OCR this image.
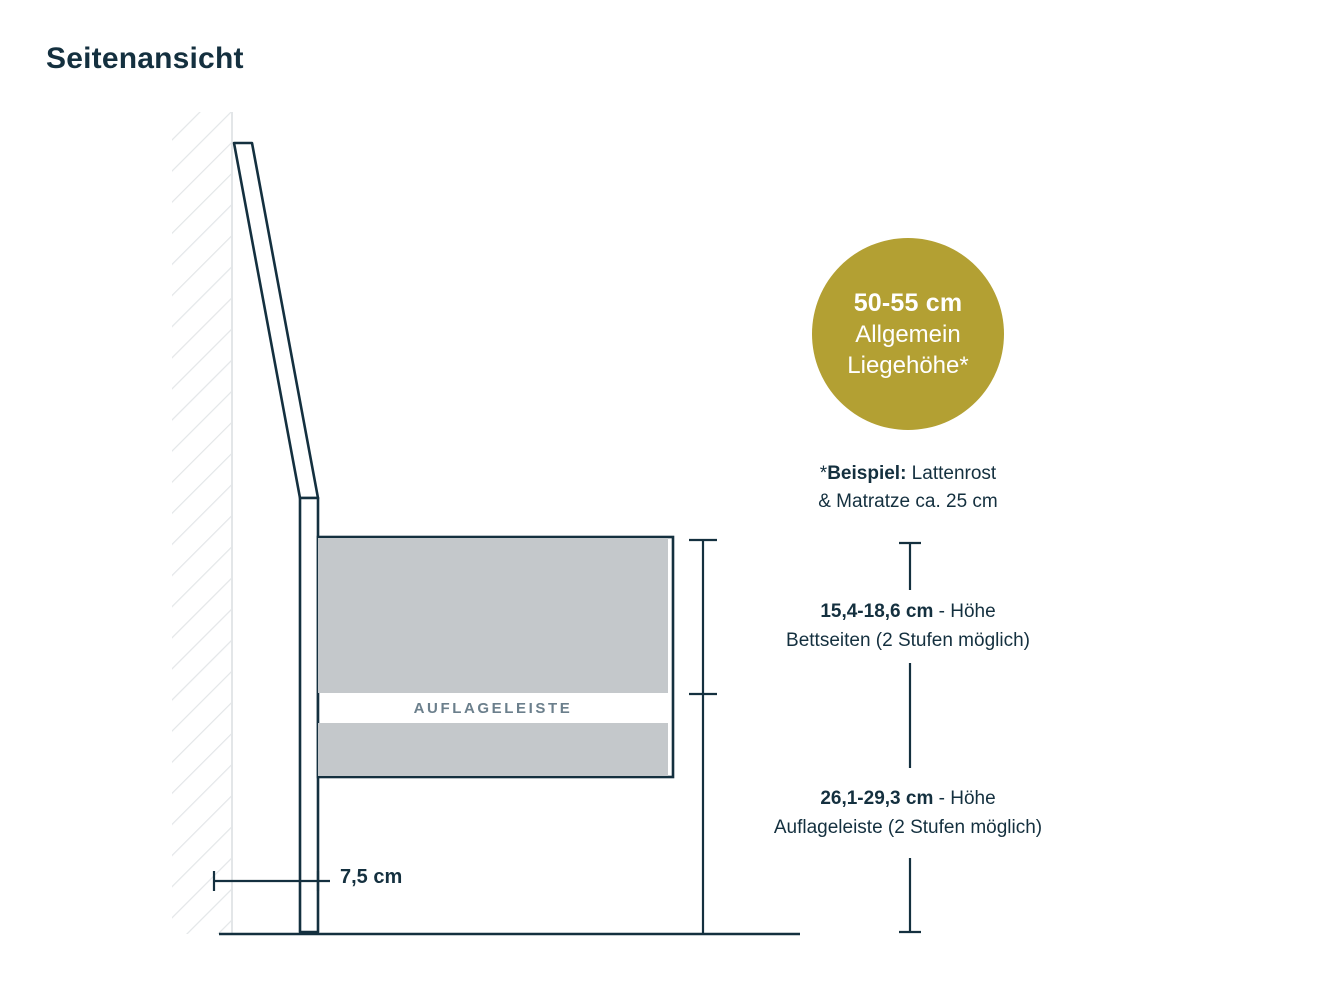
Seitenansicht
AUFLAGELEISTE
7,5 cm
50-55 cm
Allgemein
Liegehöhe*
*Beispiel: Lattenrost
& Matratze ca. 25 cm
15,4-18,6 cm - Höhe
Bettseiten (2 Stufen möglich)
26,1-29,3 cm - Höhe
Auflageleiste (2 Stufen möglich)
